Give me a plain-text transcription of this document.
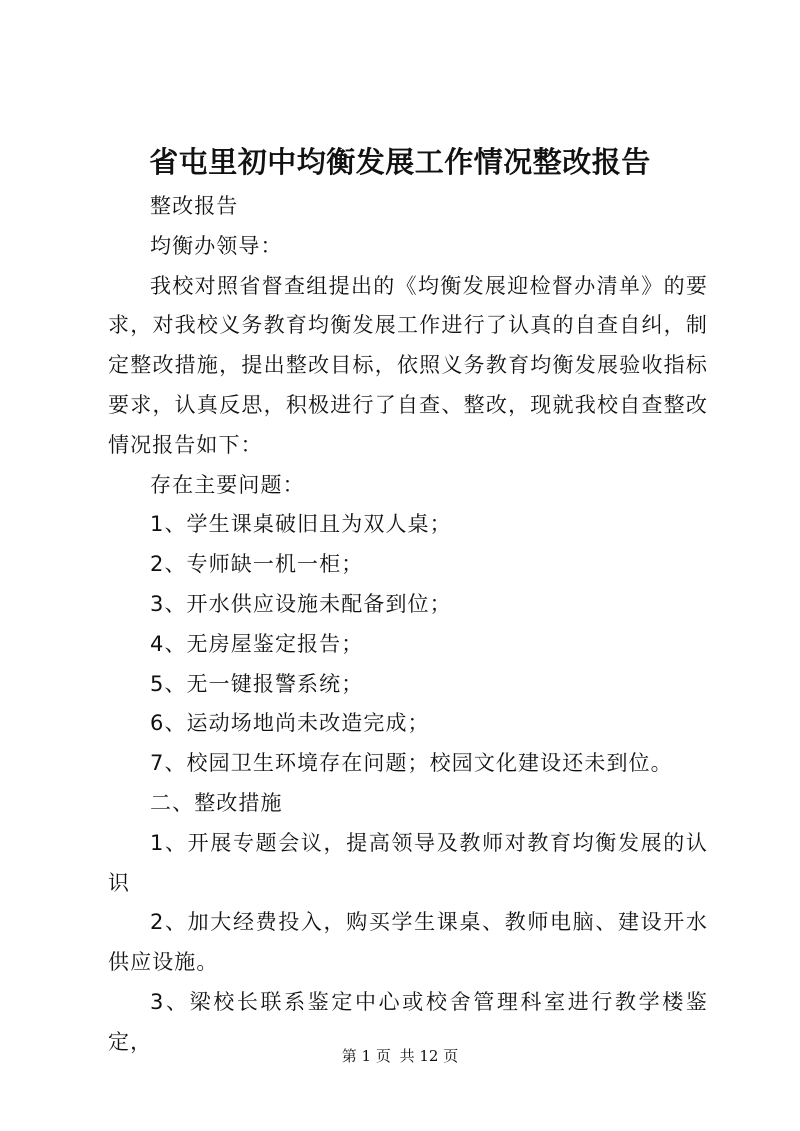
省屯里初中均衡发展工作情况整改报告

整改报告

均衡办领导：

我校对照省督查组提出的《均衡发展迎检督办清单》的要求，对我校义务教育均衡发展工作进行了认真的自查自纠，制定整改措施，提出整改目标，依照义务教育均衡发展验收指标要求，认真反思，积极进行了自查、整改，现就我校自查整改情况报告如下：

存在主要问题：

1、学生课桌破旧且为双人桌；

2、专师缺一机一柜；

3、开水供应设施未配备到位；

4、无房屋鉴定报告；

5、无一键报警系统；

6、运动场地尚未改造完成；

7、校园卫生环境存在问题；校园文化建设还未到位。

二、整改措施

1、开展专题会议，提高领导及教师对教育均衡发展的认识

2、加大经费投入，购买学生课桌、教师电脑、建设开水供应设施。

3、梁校长联系鉴定中心或校舍管理科室进行教学楼鉴定，

第 1 页 共 12 页
